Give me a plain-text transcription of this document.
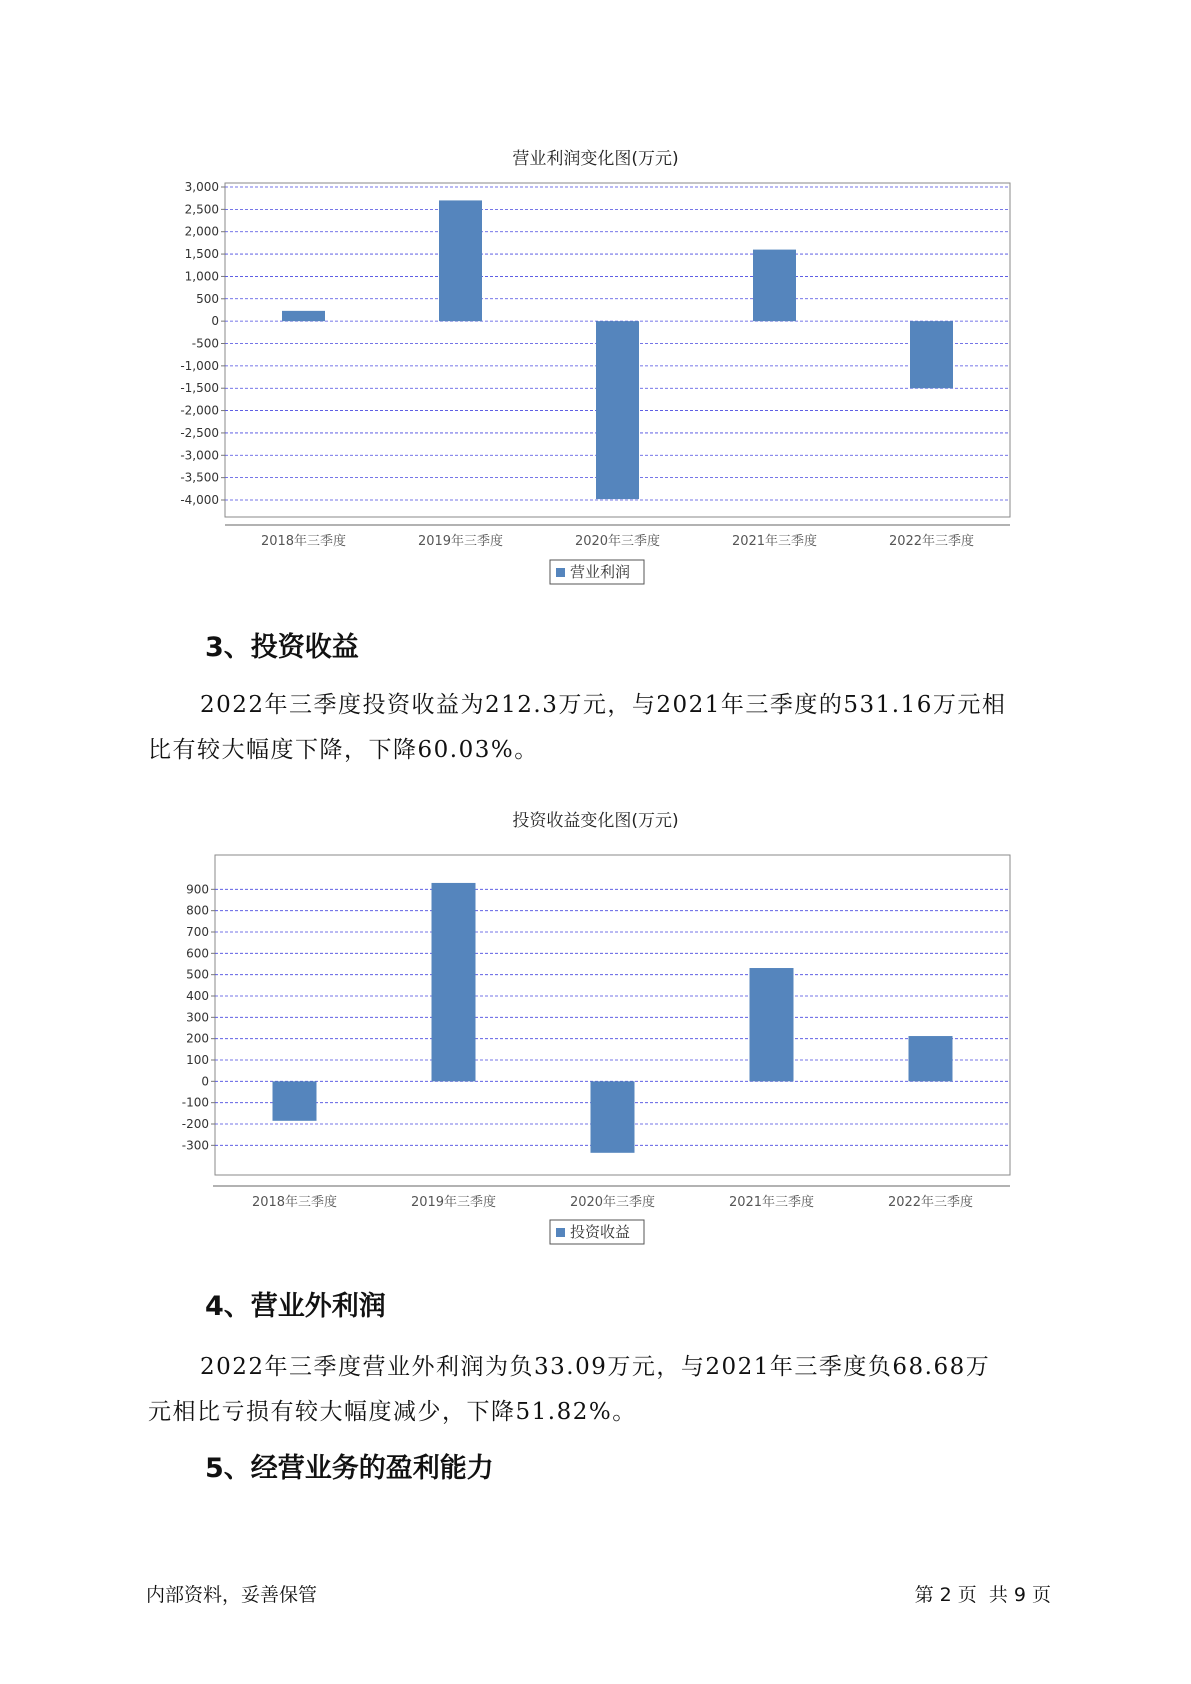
营业利润变化图(万元)
3,000
2,500
2,000
1,500
1,000
500
0
-500
-1,000
-1,500
-2,000
-2,500
-3,000
-3,500
-4,000
2018年三季度	2019年三季度	2020年三季度	2021年三季度	2022年三季度
营业利润
3、投资收益
2022年三季度投资收益为212.3万元，与2021年三季度的531.16万元相
比有较大幅度下降，下降60.03%。
投资收益变化图(万元)
900
800
700
600
500
400
300
200
100
0
-100
-200
-300
2018年三季度	2019年三季度	2020年三季度	2021年三季度	2022年三季度
投资收益
4、营业外利润
2022年三季度营业外利润为负33.09万元，与2021年三季度负68.68万
元相比亏损有较大幅度减少，下降51.82%。
5、经营业务的盈利能力
内部资料，妥善保管	第 2 页  共 9 页
